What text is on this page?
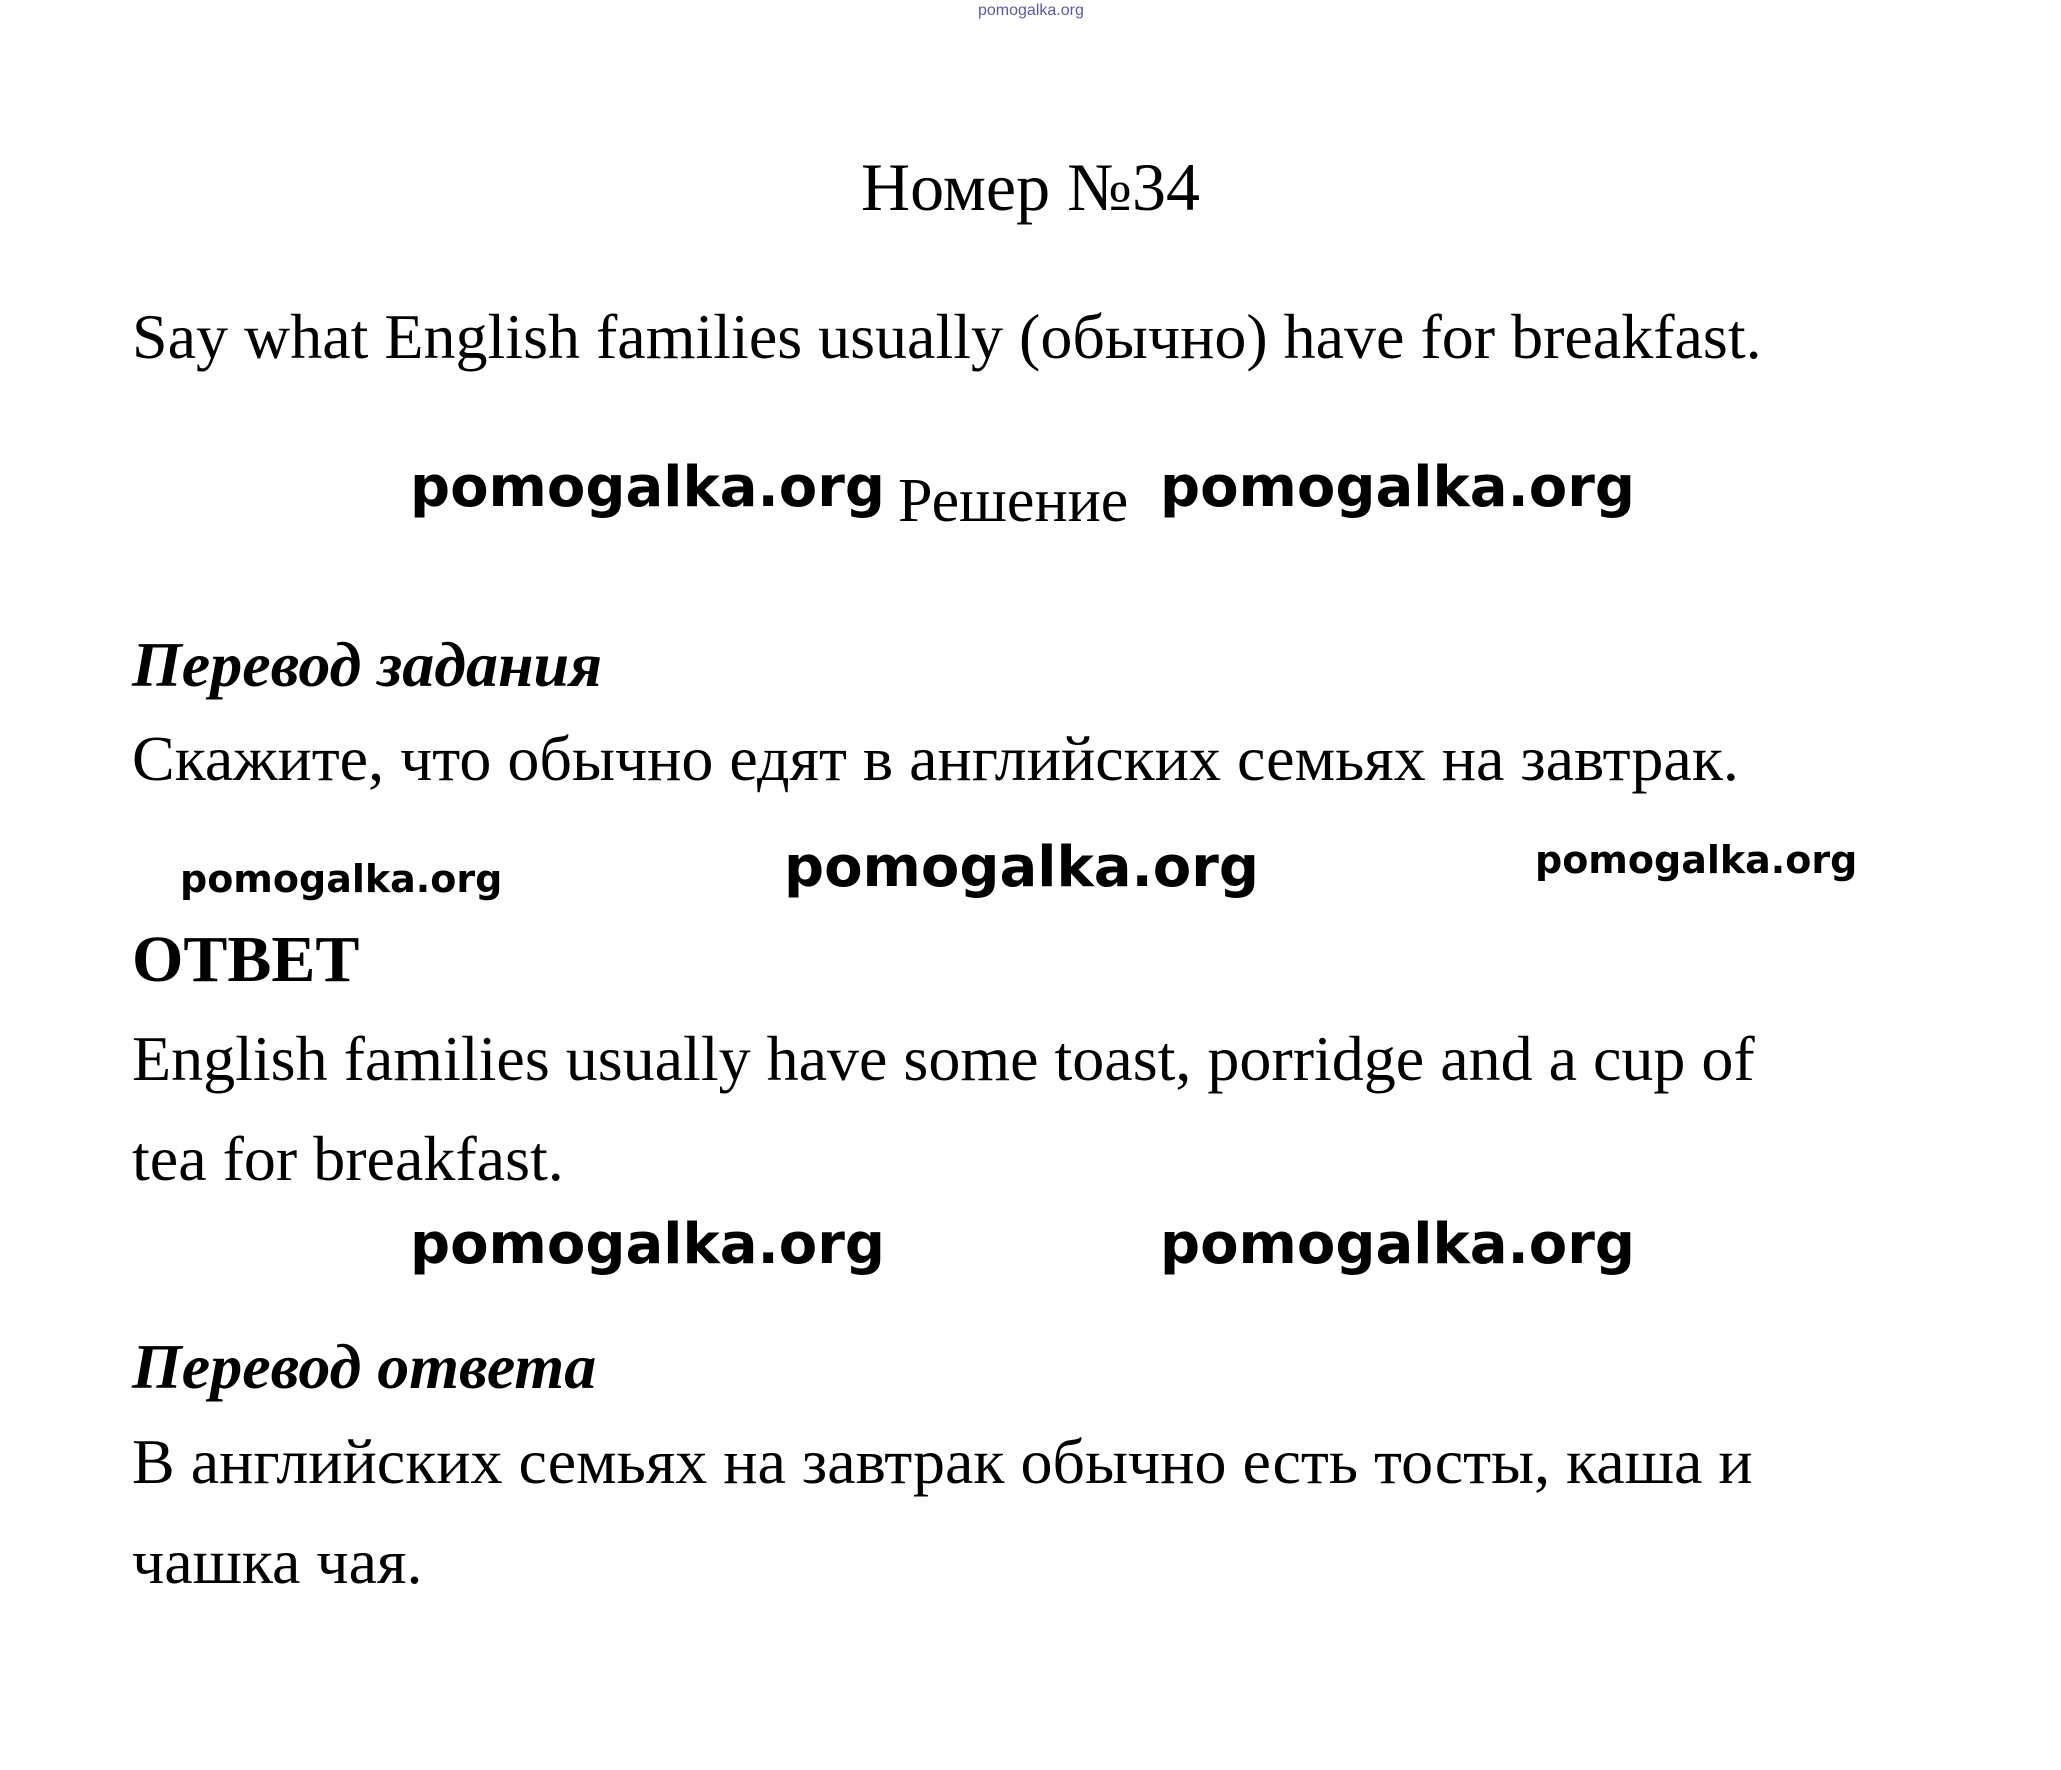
pomogalka.org
Номер №34
Say what English families usually (обычно) have for breakfast.
pomogalka.org Решение pomogalka.org
Перевод задания
Скажите, что обычно едят в английских семьях на завтрак.
pomogalka.org	pomogalka.org	pomogalka.org
ОТВЕТ
English families usually have some toast, porridge and a cup of
tea for breakfast.
pomogalka.org	pomogalka.org
Перевод ответа
В английских семьях на завтрак обычно есть тосты, каша и
чашка чая.
